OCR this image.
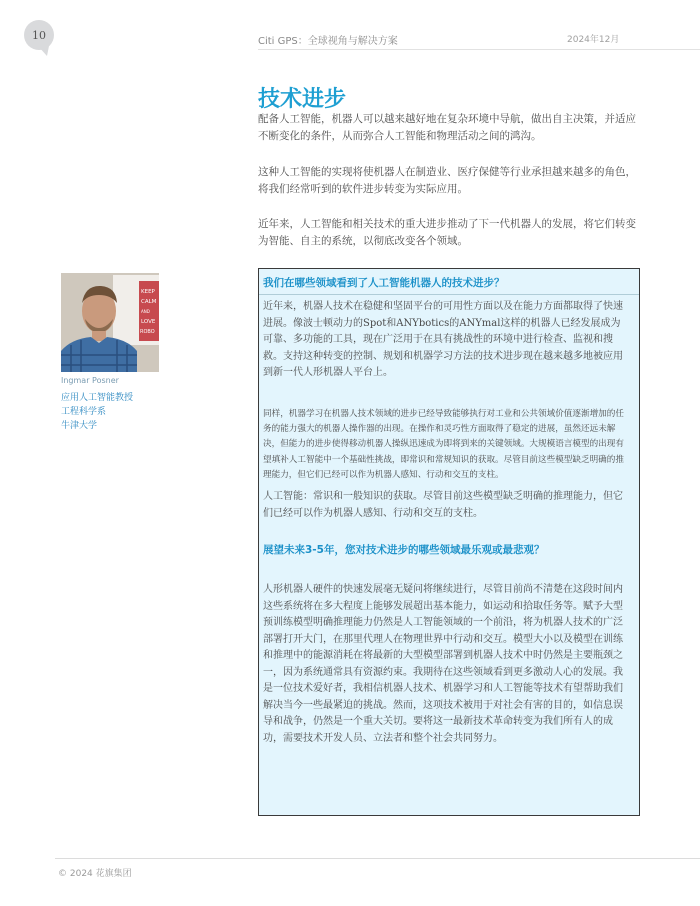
10	Citi GPS：全球视角与解决方案	2024年12月
技术进步

配备人工智能，机器人可以越来越好地在复杂环境中导航，做出自主决策，并适应不断变化的条件，从而弥合人工智能和物理活动之间的鸿沟。

这种人工智能的实现将使机器人在制造业、医疗保健等行业承担越来越多的角色，将我们经常听到的软件进步转变为实际应用。

近年来，人工智能和相关技术的重大进步推动了下一代机器人的发展，将它们转变为智能、自主的系统，以彻底改变各个领域。

KEEP
CALM
AND
LOVE
ROBO
Ingmar Posner
应用人工智能教授
工程科学系
牛津大学
我们在哪些领域看到了人工智能机器人的技术进步？

近年来，机器人技术在稳健和坚固平台的可用性方面以及在能力方面都取得了快速进展。像波士顿动力的Spot和ANYbotics的ANYmal这样的机器人已经发展成为可靠、多功能的工具，现在广泛用于在具有挑战性的环境中进行检查、监视和搜救。支持这种转变的控制、规划和机器学习方法的技术进步现在越来越多地被应用到新一代人形机器人平台上。

同样，机器学习在机器人技术领域的进步已经导致能够执行对工业和公共领域价值逐渐增加的任务的能力强大的机器人操作器的出现。在操作和灵巧性方面取得了稳定的进展，虽然还远未解决，但能力的进步使得移动机器人操纵迅速成为即将到来的关键领域。大规模语言模型的出现有望填补人工智能中一个基础性挑战，即常识和常规知识的获取。尽管目前这些模型缺乏明确的推理能力，但它们已经可以作为机器人感知、行动和交互的支柱。

人工智能：常识和一般知识的获取。尽管目前这些模型缺乏明确的推理能力，但它们已经可以作为机器人感知、行动和交互的支柱。

展望未来3-5年，您对技术进步的哪些领域最乐观或最悲观？

人形机器人硬件的快速发展毫无疑问将继续进行，尽管目前尚不清楚在这段时间内这些系统将在多大程度上能够发展超出基本能力，如运动和拾取任务等。赋予大型预训练模型明确推理能力仍然是人工智能领域的一个前沿，将为机器人技术的广泛部署打开大门，在那里代理人在物理世界中行动和交互。模型大小以及模型在训练和推理中的能源消耗在将最新的大型模型部署到机器人技术中时仍然是主要瓶颈之一，因为系统通常具有资源约束。我期待在这些领域看到更多激动人心的发展。我是一位技术爱好者，我相信机器人技术、机器学习和人工智能等技术有望帮助我们解决当今一些最紧迫的挑战。然而，这项技术被用于对社会有害的目的，如信息误导和战争，仍然是一个重大关切。要将这一最新技术革命转变为我们所有人的成功，需要技术开发人员、立法者和整个社会共同努力。

© 2024 花旗集团
